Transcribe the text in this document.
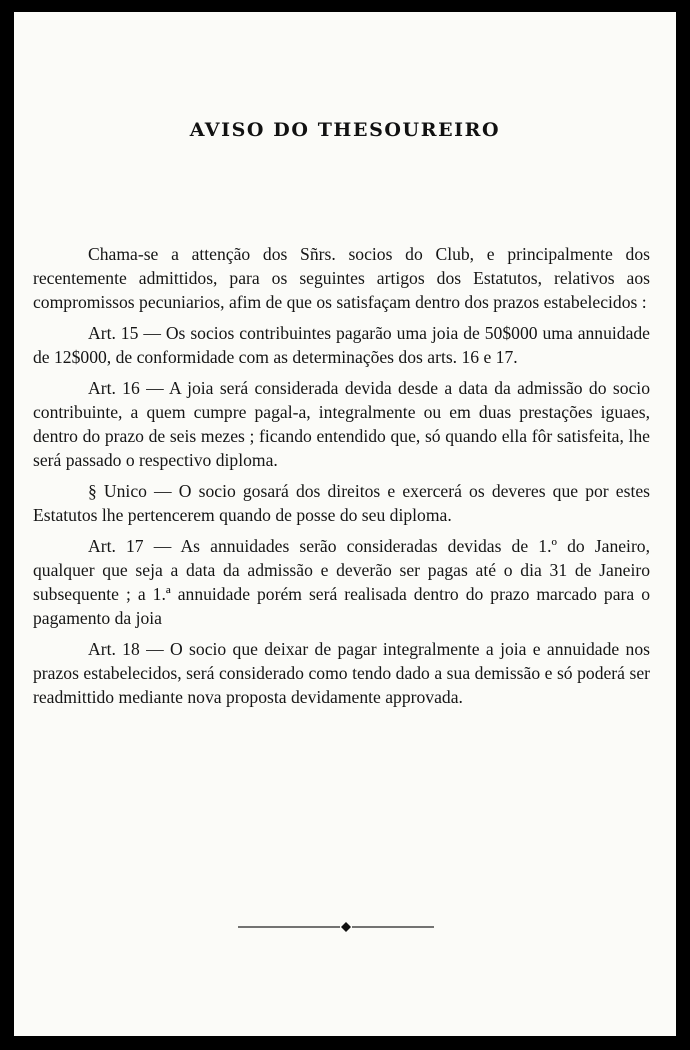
AVISO DO THESOUREIRO

Chama-se a attenção dos Sñrs. socios do Club, e principalmente dos recentemente admittidos, para os seguintes artigos dos Estatutos, relativos aos compromissos pecuniarios, afim de que os satisfaçam dentro dos prazos estabelecidos :

Art. 15 — Os socios contribuintes pagarão uma joia de 50$000 uma annuidade de 12$000, de conformidade com as determinações dos arts. 16 e 17.

Art. 16 — A joia será considerada devida desde a data da admissão do socio contribuinte, a quem cumpre pagal-a, integralmente ou em duas prestações iguaes, dentro do prazo de seis mezes ; ficando entendido que, só quando ella fôr satisfeita, lhe será passado o respectivo diploma.

§ Unico — O socio gosará dos direitos e exercerá os deveres que por estes Estatutos lhe pertencerem quando de posse do seu diploma.

Art. 17 — As annuidades serão consideradas devidas de 1.º do Janeiro, qualquer que seja a data da admissão e deverão ser pagas até o dia 31 de Janeiro subsequente ; a 1.ª annuidade porém será realisada dentro do prazo marcado para o pagamento da joia

Art. 18 — O socio que deixar de pagar integralmente a joia e annuidade nos prazos estabelecidos, será considerado como tendo dado a sua demissão e só poderá ser readmittido mediante nova proposta devidamente approvada.
